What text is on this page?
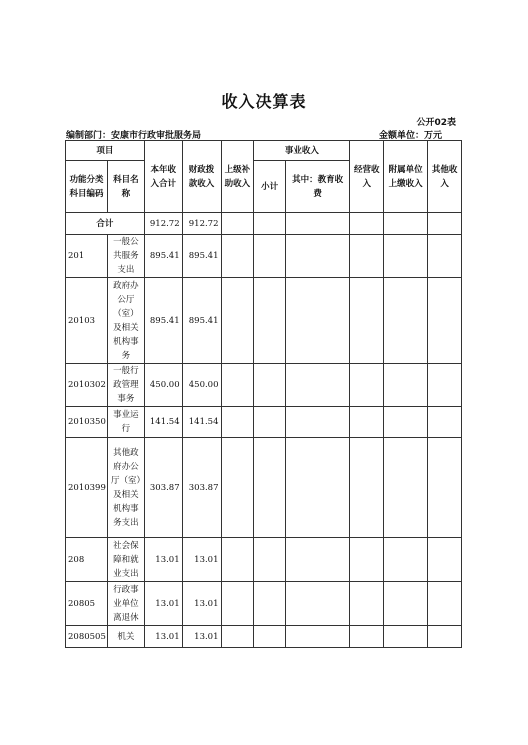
收入决算表
公开02表
编制部门：安康市行政审批服务局	金额单位：万元
项目		本年收入合计	财政拨款收入	上级补助收入	事业收入		经营收入	附属单位上缴收入	其他收入
功能分类科目编码	科目名称				小计	其中：教育收费			
合计		912.72	912.72						
201	一般公共服务支出	895.41	895.41						
20103	政府办公厅（室）及相关机构事务	895.41	895.41						
2010302	一般行政管理事务	450.00	450.00						
2010350	事业运行	141.54	141.54						
2010399	其他政府办公厅（室）及相关机构事务支出	303.87	303.87						
208	社会保障和就业支出	13.01	13.01						
20805	行政事业单位离退休	13.01	13.01						
2080505	机关	13.01	13.01						
